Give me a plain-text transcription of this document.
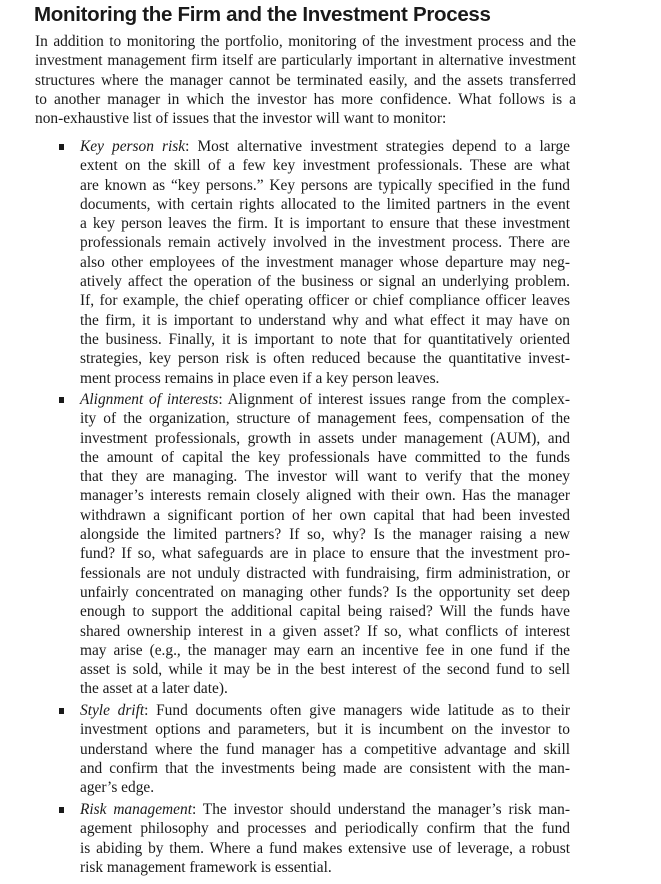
Monitoring the Firm and the Investment Process
In addition to monitoring the portfolio, monitoring of the investment process and the
investment management firm itself are particularly important in alternative investment
structures where the manager cannot be terminated easily, and the assets transferred
to another manager in which the investor has more confidence. What follows is a
non-exhaustive list of issues that the investor will want to monitor:
Key person risk: Most alternative investment strategies depend to a large
extent on the skill of a few key investment professionals. These are what
are known as “key persons.” Key persons are typically specified in the fund
documents, with certain rights allocated to the limited partners in the event
a key person leaves the firm. It is important to ensure that these investment
professionals remain actively involved in the investment process. There are
also other employees of the investment manager whose departure may neg-
atively affect the operation of the business or signal an underlying problem.
If, for example, the chief operating officer or chief compliance officer leaves
the firm, it is important to understand why and what effect it may have on
the business. Finally, it is important to note that for quantitatively oriented
strategies, key person risk is often reduced because the quantitative invest-
ment process remains in place even if a key person leaves.
Alignment of interests: Alignment of interest issues range from the complex-
ity of the organization, structure of management fees, compensation of the
investment professionals, growth in assets under management (AUM), and
the amount of capital the key professionals have committed to the funds
that they are managing. The investor will want to verify that the money
manager’s interests remain closely aligned with their own. Has the manager
withdrawn a significant portion of her own capital that had been invested
alongside the limited partners? If so, why? Is the manager raising a new
fund? If so, what safeguards are in place to ensure that the investment pro-
fessionals are not unduly distracted with fundraising, firm administration, or
unfairly concentrated on managing other funds? Is the opportunity set deep
enough to support the additional capital being raised? Will the funds have
shared ownership interest in a given asset? If so, what conflicts of interest
may arise (e.g., the manager may earn an incentive fee in one fund if the
asset is sold, while it may be in the best interest of the second fund to sell
the asset at a later date).
Style drift: Fund documents often give managers wide latitude as to their
investment options and parameters, but it is incumbent on the investor to
understand where the fund manager has a competitive advantage and skill
and confirm that the investments being made are consistent with the man-
ager’s edge.
Risk management: The investor should understand the manager’s risk man-
agement philosophy and processes and periodically confirm that the fund
is abiding by them. Where a fund makes extensive use of leverage, a robust
risk management framework is essential.
